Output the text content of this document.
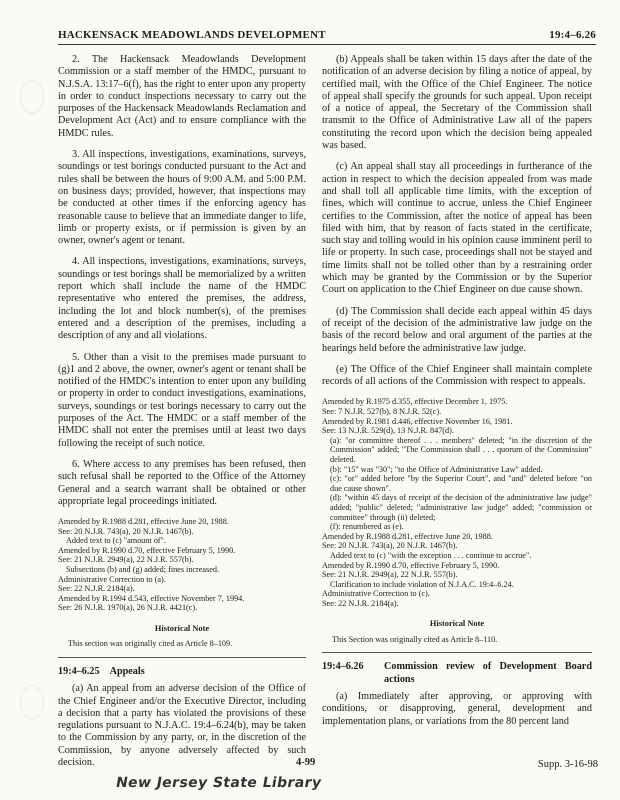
HACKENSACK MEADOWLANDS DEVELOPMENT	19:4–6.26

2. The Hackensack Meadowlands Development Commission or a staff member of the HMDC, pursuant to N.J.S.A. 13:17–6(f), has the right to enter upon any property in order to conduct inspections necessary to carry out the purposes of the Hackensack Meadowlands Reclamation and Development Act (Act) and to ensure compliance with the HMDC rules.

3. All inspections, investigations, examinations, surveys, soundings or test borings conducted pursuant to the Act and rules shall be between the hours of 9:00 A.M. and 5:00 P.M. on business days; provided, however, that inspections may be conducted at other times if the enforcing agency has reasonable cause to believe that an immediate danger to life, limb or property exists, or if permission is given by an owner, owner's agent or tenant.

4. All inspections, investigations, examinations, surveys, soundings or test borings shall be memorialized by a written report which shall include the name of the HMDC representative who entered the premises, the address, including the lot and block number(s), of the premises entered and a description of the premises, including a description of any and all violations.

5. Other than a visit to the premises made pursuant to (g)1 and 2 above, the owner, owner's agent or tenant shall be notified of the HMDC's intention to enter upon any building or property in order to conduct investigations, examinations, surveys, soundings or test borings necessary to carry out the purposes of the Act. The HMDC or a staff member of the HMDC shall not enter the premises until at least two days following the receipt of such notice.

6. Where access to any premises has been refused, then such refusal shall be reported to the Office of the Attorney General and a search warrant shall be obtained or other appropriate legal proceedings initiated.

Amended by R.1988 d.281, effective June 20, 1988.
See: 20 N.J.R. 743(a), 20 N.J.R. 1467(b).
Added text to (c) "amount of".
Amended by R.1990 d.70, effective February 5, 1990.
See: 21 N.J.R. 2949(a), 22 N.J.R. 557(b).
Subsections (b) and (g) added; fines increased.
Administrative Correction to (a).
See: 22 N.J.R. 2184(a).
Amended by R.1994 d.543, effective November 7, 1994.
See: 26 N.J.R. 1970(a), 26 N.J.R. 4421(c).
Historical Note

This section was originally cited as Article 8–109.

19:4–6.25 Appeals

(a) An appeal from an adverse decision of the Office of the Chief Engineer and/or the Executive Director, including a decision that a party has violated the provisions of these regulations pursuant to N.J.A.C. 19:4–6.24(b), may be taken to the Commission by any party, or, in the discretion of the Commission, by anyone adversely affected by such decision.

(b) Appeals shall be taken within 15 days after the date of the notification of an adverse decision by filing a notice of appeal, by certified mail, with the Office of the Chief Engineer. The notice of appeal shall specify the grounds for such appeal. Upon receipt of a notice of appeal, the Secretary of the Commission shall transmit to the Office of Administrative Law all of the papers constituting the record upon which the decision being appealed was based.

(c) An appeal shall stay all proceedings in furtherance of the action in respect to which the decision appealed from was made and shall toll all applicable time limits, with the exception of fines, which will continue to accrue, unless the Chief Engineer certifies to the Commission, after the notice of appeal has been filed with him, that by reason of facts stated in the certificate, such stay and tolling would in his opinion cause imminent peril to life or property. In such case, proceedings shall not be stayed and time limits shall not be tolled other than by a restraining order which may be granted by the Commission or by the Superior Court on application to the Chief Engineer on due cause shown.

(d) The Commission shall decide each appeal within 45 days of receipt of the decision of the administrative law judge on the basis of the record below and oral argument of the parties at the hearings held before the administrative law judge.

(e) The Office of the Chief Engineer shall maintain complete records of all actions of the Commission with respect to appeals.

Amended by R.1975 d.355, effective December 1, 1975.
See: 7 N.J.R. 527(b), 8 N.J.R. 52(c).
Amended by R.1981 d.446, effective November 16, 1981.
See: 13 N.J.R. 529(d), 13 N.J.R. 847(d).
(a): "or committee thereof . . . members" deleted; "in the discretion of the Commission" added; "The Commission shall . . . quorum of the Commission" deleted.
(b): "15" was "30"; "to the Office of Administrative Law" added.
(c): "or" added before "by the Superior Court", and "and" deleted before "on due cause shown".
(d): "within 45 days of receipt of the decision of the administrative law judge" added; "public" deleted; "administrative law judge" added; "commission or committee" through (ii) deleted;
(f): renumbered as (e).
Amended by R.1988 d.281, effective June 20, 1988.
See: 20 N.J.R. 743(a), 20 N.J.R. 1467(b).
Added text to (c) "with the exception . . . continue to accrue".
Amended by R.1990 d.70, effective February 5, 1990.
See: 21 N.J.R. 2949(a), 22 N.J.R. 557(b).
Clarification to include violation of N.J.A.C. 19:4–6.24.
Administrative Correction to (c).
See: 22 N.J.R. 2184(a).
Historical Note

This Section was originally cited as Article 8–110.

19:4–6.26	Commission review of Development Board actions

(a) Immediately after approving, or approving with conditions, or disapproving, general, development and implementation plans, or variations from the 80 percent land

4-99	Supp. 3-16-98
New Jersey State Library
